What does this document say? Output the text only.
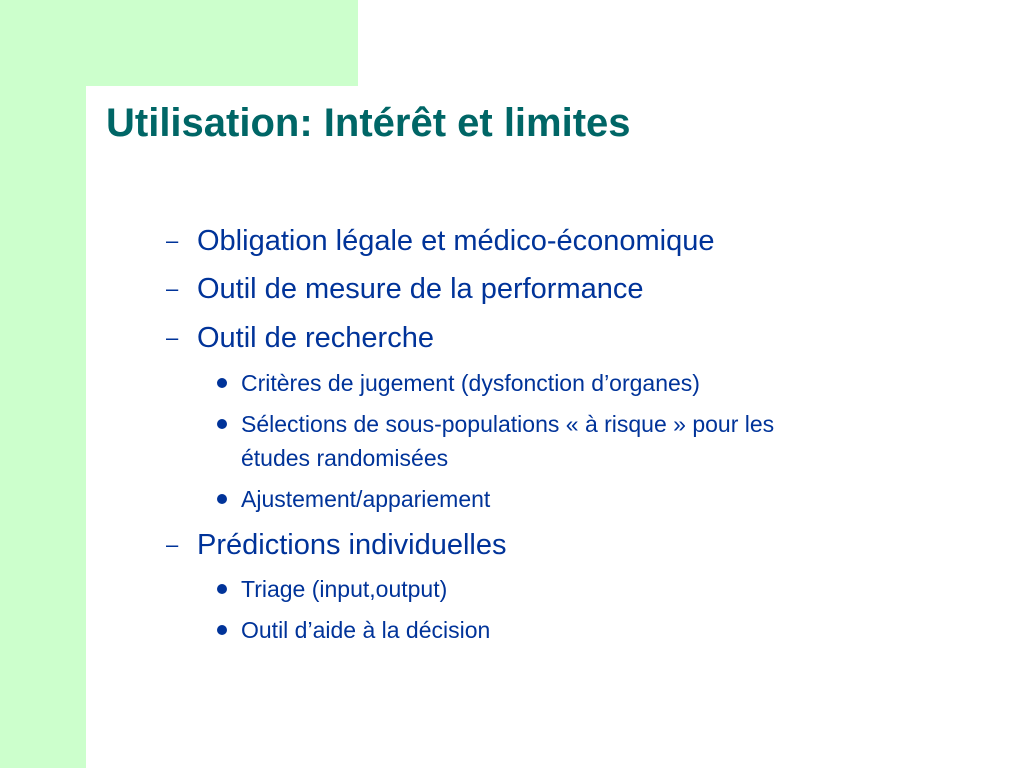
Utilisation: Intérêt et limites
– Obligation légale et médico-économique
– Outil de mesure de la performance
– Outil de recherche
Critères de jugement (dysfonction d’organes)
Sélections de sous-populations « à risque » pour les
études randomisées
Ajustement/appariement
– Prédictions individuelles
Triage (input,output)
Outil d’aide à la décision
